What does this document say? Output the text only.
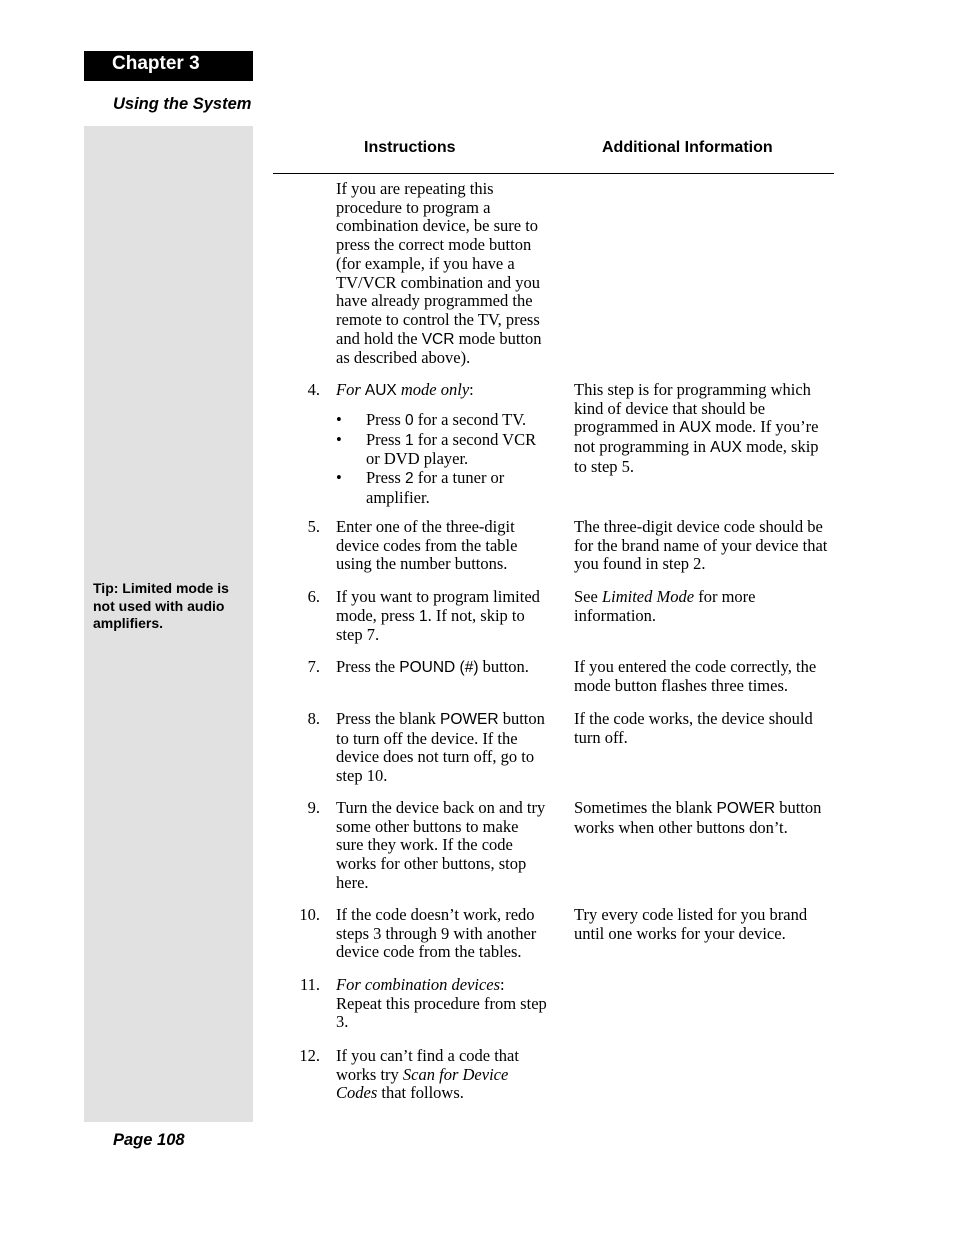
Chapter 3
Using the System
Tip: Limited mode is not used with audio amplifiers.
Instructions	Additional Information
If you are repeating this procedure to program a combination device, be sure to press the correct mode button (for example, if you have a TV/VCR combination and you have already programmed the remote to control the TV, press and hold the VCR mode button as described above).
4. For AUX mode only:
• Press 0 for a second TV.
• Press 1 for a second VCR or DVD player.
• Press 2 for a tuner or amplifier.
This step is for programming which kind of device that should be programmed in AUX mode. If you’re not programming in AUX mode, skip to step 5.
5. Enter one of the three-digit device codes from the table using the number buttons.
The three-digit device code should be for the brand name of your device that you found in step 2.
6. If you want to program limited mode, press 1. If not, skip to step 7.
See Limited Mode for more information.
7. Press the POUND (#) button.	If you entered the code correctly, the mode button flashes three times.
8. Press the blank POWER button to turn off the device. If the device does not turn off, go to step 10.
If the code works, the device should turn off.
9. Turn the device back on and try some other buttons to make sure they work. If the code works for other buttons, stop here.
Sometimes the blank POWER button works when other buttons don’t.
10. If the code doesn’t work, redo steps 3 through 9 with another device code from the tables.
Try every code listed for you brand until one works for your device.
11. For combination devices: Repeat this procedure from step 3.
12. If you can’t find a code that works try Scan for Device Codes that follows.
Page 108
